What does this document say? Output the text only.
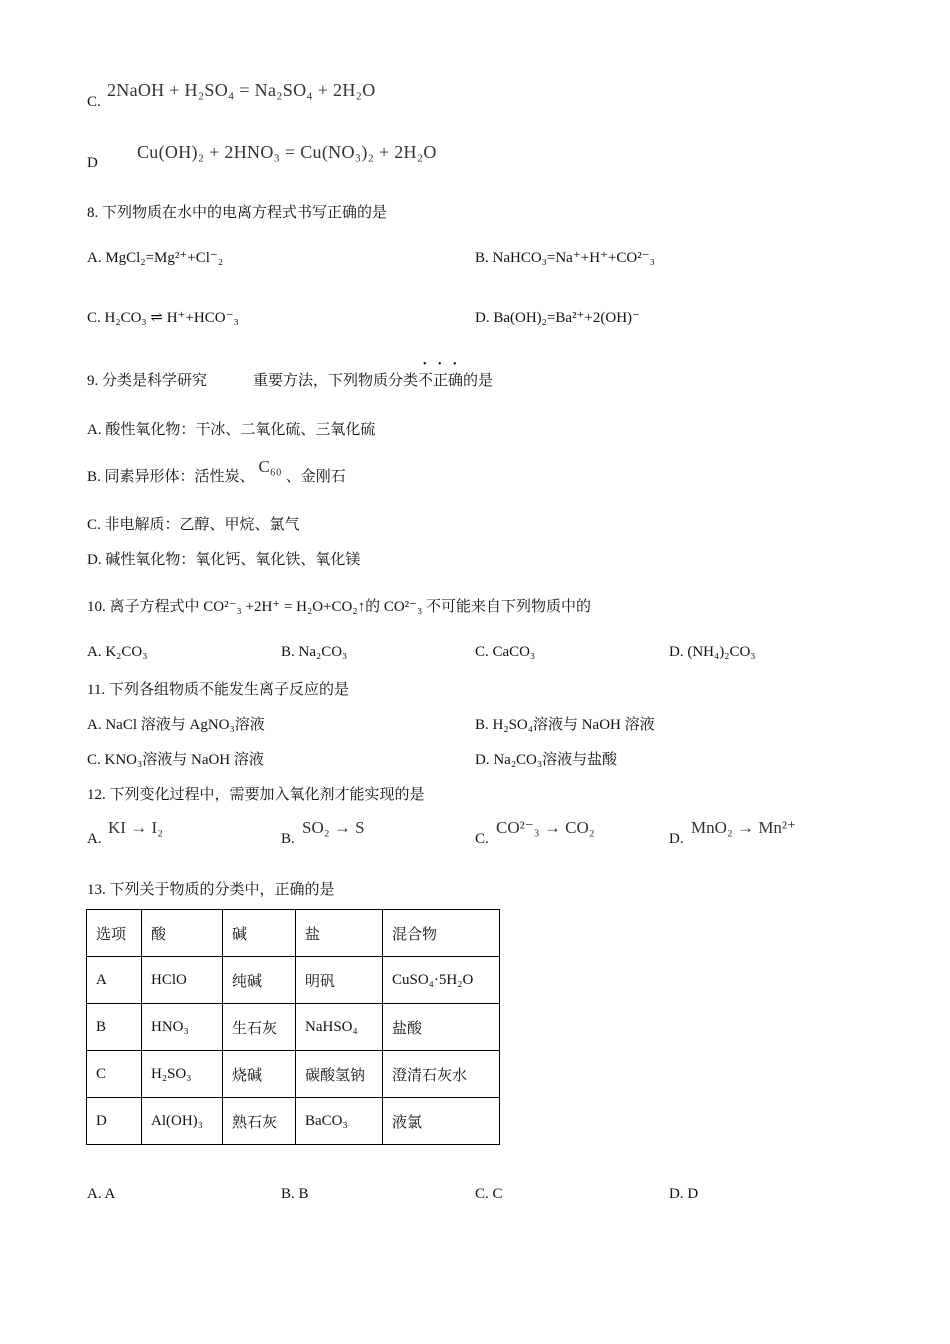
C.
2NaOH + H₂SO₄ = Na₂SO₄ + 2H₂O
D
Cu(OH)₂ + 2HNO₃ = Cu(NO₃)₂ + 2H₂O
8. 下列物质在水中的电离方程式书写正确的是
A. MgCl₂=Mg²⁺+Cl⁻₂	B. NaHCO₃=Na⁺+H⁺+CO²⁻₃
C. H₂CO₃ ⇌ H⁺+HCO⁻₃	D. Ba(OH)₂=Ba²⁺+2(OH)⁻
9. 分类是科学研究	重要方法，下列物质分类
• • •
不正确的是
A. 酸性氧化物：干冰、二氧化硫、三氧化硫
B. 同素异形体：活性炭、C₆₀、金刚石
C. 非电解质：乙醇、甲烷、氯气
D. 碱性氧化物：氧化钙、氧化铁、氧化镁
10. 离子方程式中 CO²⁻₃ +2H⁺ = H₂O+CO₂↑的 CO²⁻₃ 不可能来自下列物质中的
A. K₂CO₃	B. Na₂CO₃	C. CaCO₃	D. (NH₄)₂CO₃
11. 下列各组物质不能发生离子反应的是
A. NaCl 溶液与 AgNO₃溶液	B. H₂SO₄溶液与 NaOH 溶液
C. KNO₃溶液与 NaOH 溶液	D. Na₂CO₃溶液与盐酸
12. 下列变化过程中，需要加入氧化剂才能实现的是
A.
KI → I₂
B.
SO₂ → S
C.
CO²⁻₃ → CO₂
D.
MnO₂ → Mn²⁺
13. 下列关于物质的分类中，正确的是
选项	酸	碱	盐	混合物
A	HClO	纯碱	明矾	CuSO₄·5H₂O
B	HNO₃	生石灰	NaHSO₄	盐酸
C	H₂SO₃	烧碱	碳酸氢钠	澄清石灰水
D	Al(OH)₃	熟石灰	BaCO₃	液氯
A. A	B. B	C. C	D. D
